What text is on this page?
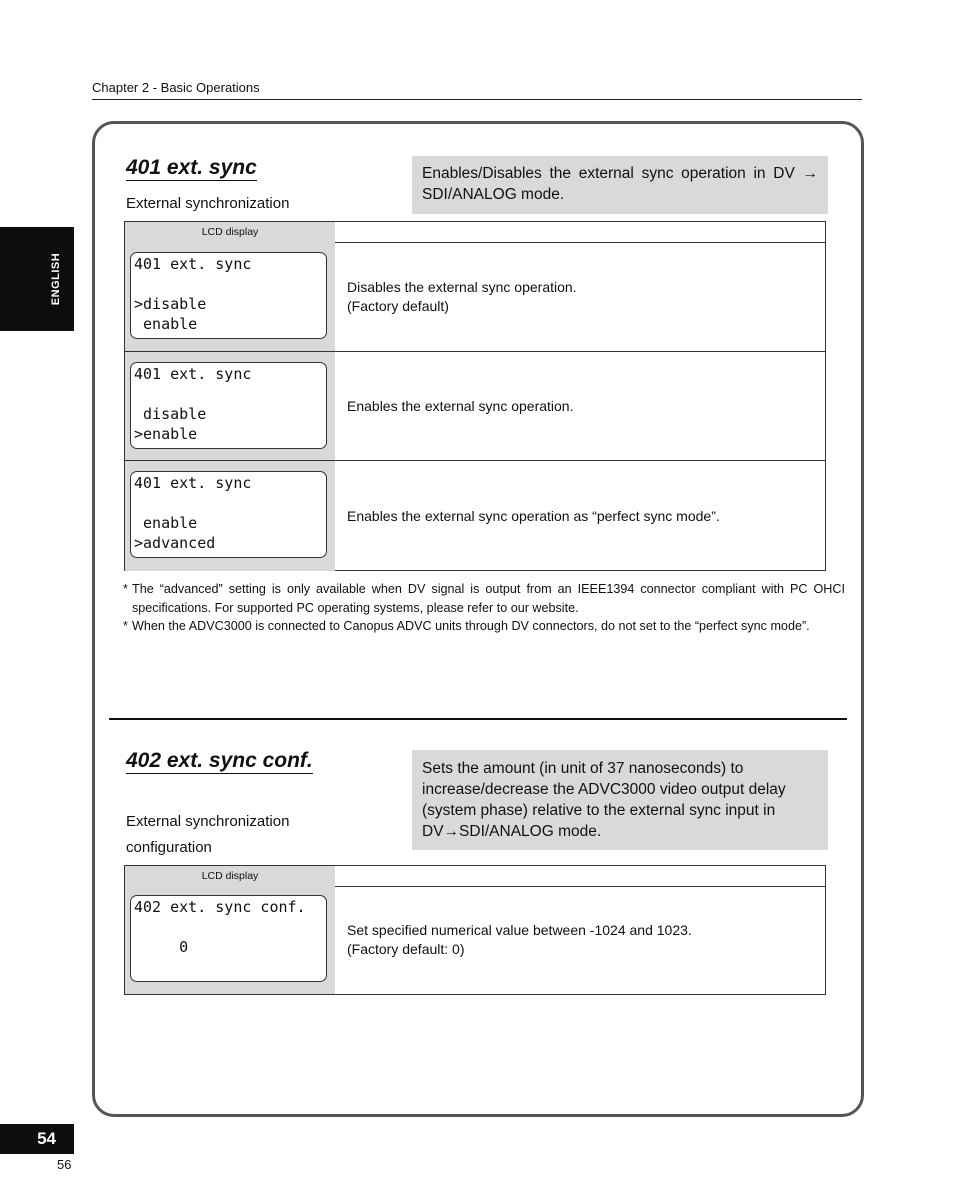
Chapter 2 - Basic Operations
ENGLISH
401 ext. sync
External synchronization
Enables/Disables the external sync operation in DV → SDI/ANALOG mode.
LCD display
401 ext. sync

>disable
enable
Disables the external sync operation.
(Factory default)
401 ext. sync

disable
>enable
Enables the external sync operation.
401 ext. sync

enable
>advanced
Enables the external sync operation as “perfect sync mode”.
* The “advanced” setting is only available when DV signal is output from an IEEE1394 connector compliant with PC OHCI specifications. For supported PC operating systems, please refer to our website.
* When the ADVC3000 is connected to Canopus ADVC units through DV connectors, do not set to the “perfect sync mode”.
402 ext. sync conf.
External synchronization
configuration
Sets the amount (in unit of 37 nanoseconds) to increase/decrease the ADVC3000 video output delay (system phase) relative to the external sync input in DV→SDI/ANALOG mode.
LCD display
402 ext. sync conf.

0
Set specified numerical value between -1024 and 1023.
(Factory default: 0)
54
56
